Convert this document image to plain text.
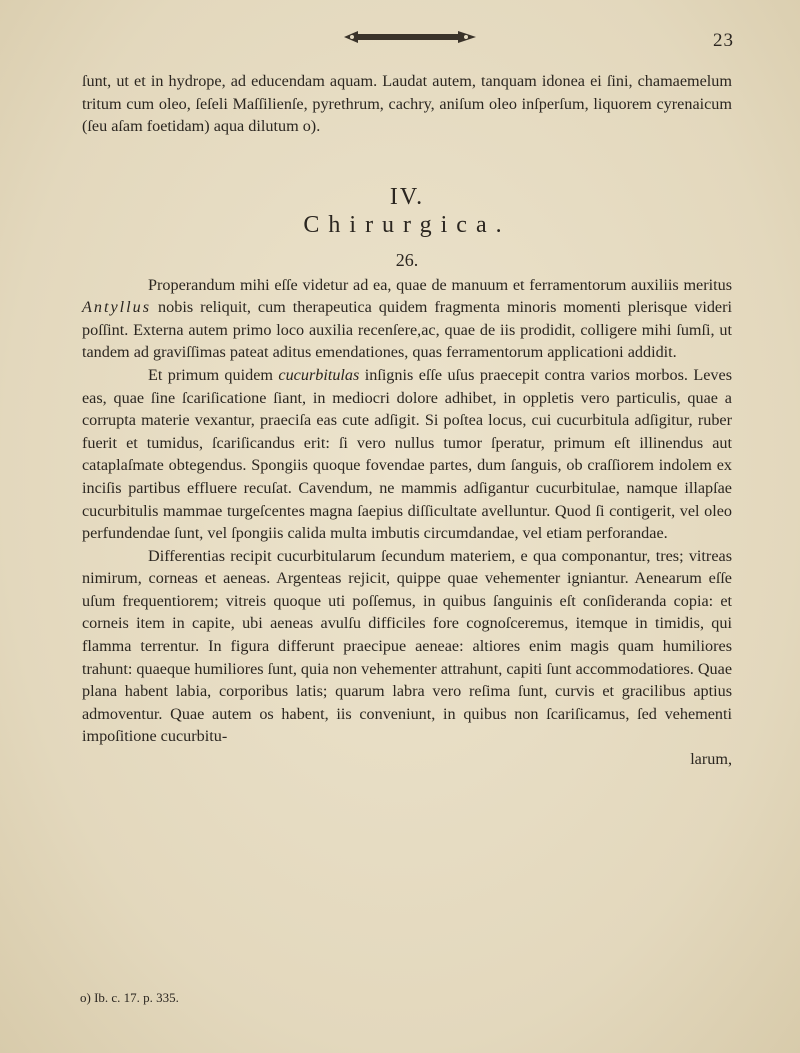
23

ſunt, ut et in hydrope, ad educendam aquam. Laudat autem, tanquam idonea ei ſini, chamaemelum tritum cum oleo, ſeſeli Maſſilienſe, pyrethrum, cachry, aniſum oleo inſperſum, liquorem cyrenaicum (ſeu aſam foetidam) aqua dilutum o).

IV.
Chirurgica.
26.

Properandum mihi eſſe videtur ad ea, quae de manuum et ferramentorum auxiliis meritus Antyllus nobis reliquit, cum therapeutica quidem fragmenta minoris momenti plerisque videri poſſint. Externa autem primo loco auxilia recenſere,ac, quae de iis prodidit, colligere mihi ſumſi, ut tandem ad graviſſimas pateat aditus emendationes, quas ferramentorum applicationi addidit.

Et primum quidem cucurbitulas inſignis eſſe uſus praecepit contra varios morbos. Leves eas, quae ſine ſcariſicatione ſiant, in mediocri dolore adhibet, in oppletis vero particulis, quae a corrupta materie vexantur, praeciſa eas cute adſigit. Si poſtea locus, cui cucurbitula adſigitur, ruber fuerit et tumidus, ſcariſicandus erit: ſi vero nullus tumor ſperatur, primum eſt illinendus aut cataplaſmate obtegendus. Spongiis quoque fovendae partes, dum ſanguis, ob craſſiorem indolem ex inciſis partibus effluere recuſat. Cavendum, ne mammis adſigantur cucurbitulae, namque illapſae cucurbitulis mammae turgeſcentes magna ſaepius diſſicultate avelluntur. Quod ſi contigerit, vel oleo perfundendae ſunt, vel ſpongiis calida multa imbutis circumdandae, vel etiam perforandae.

Differentias recipit cucurbitularum ſecundum materiem, e qua componantur, tres; vitreas nimirum, corneas et aeneas. Argenteas rejicit, quippe quae vehementer igniantur. Aenearum eſſe uſum frequentiorem; vitreis quoque uti poſſemus, in quibus ſanguinis eſt conſideranda copia: et corneis item in capite, ubi aeneas avulſu difficiles fore cognoſceremus, itemque in timidis, qui flamma terrentur. In figura differunt praecipue aeneae: altiores enim magis quam humiliores trahunt: quaeque humiliores ſunt, quia non vehementer attrahunt, capiti ſunt accommodatiores. Quae plana habent labia, corporibus latis; quarum labra vero reſima ſunt, curvis et gracilibus aptius admoventur. Quae autem os habent, iis conveniunt, in quibus non ſcariſicamus, ſed vehementi impoſitione cucurbitu-

larum,

o) Ib. c. 17. p. 335.
